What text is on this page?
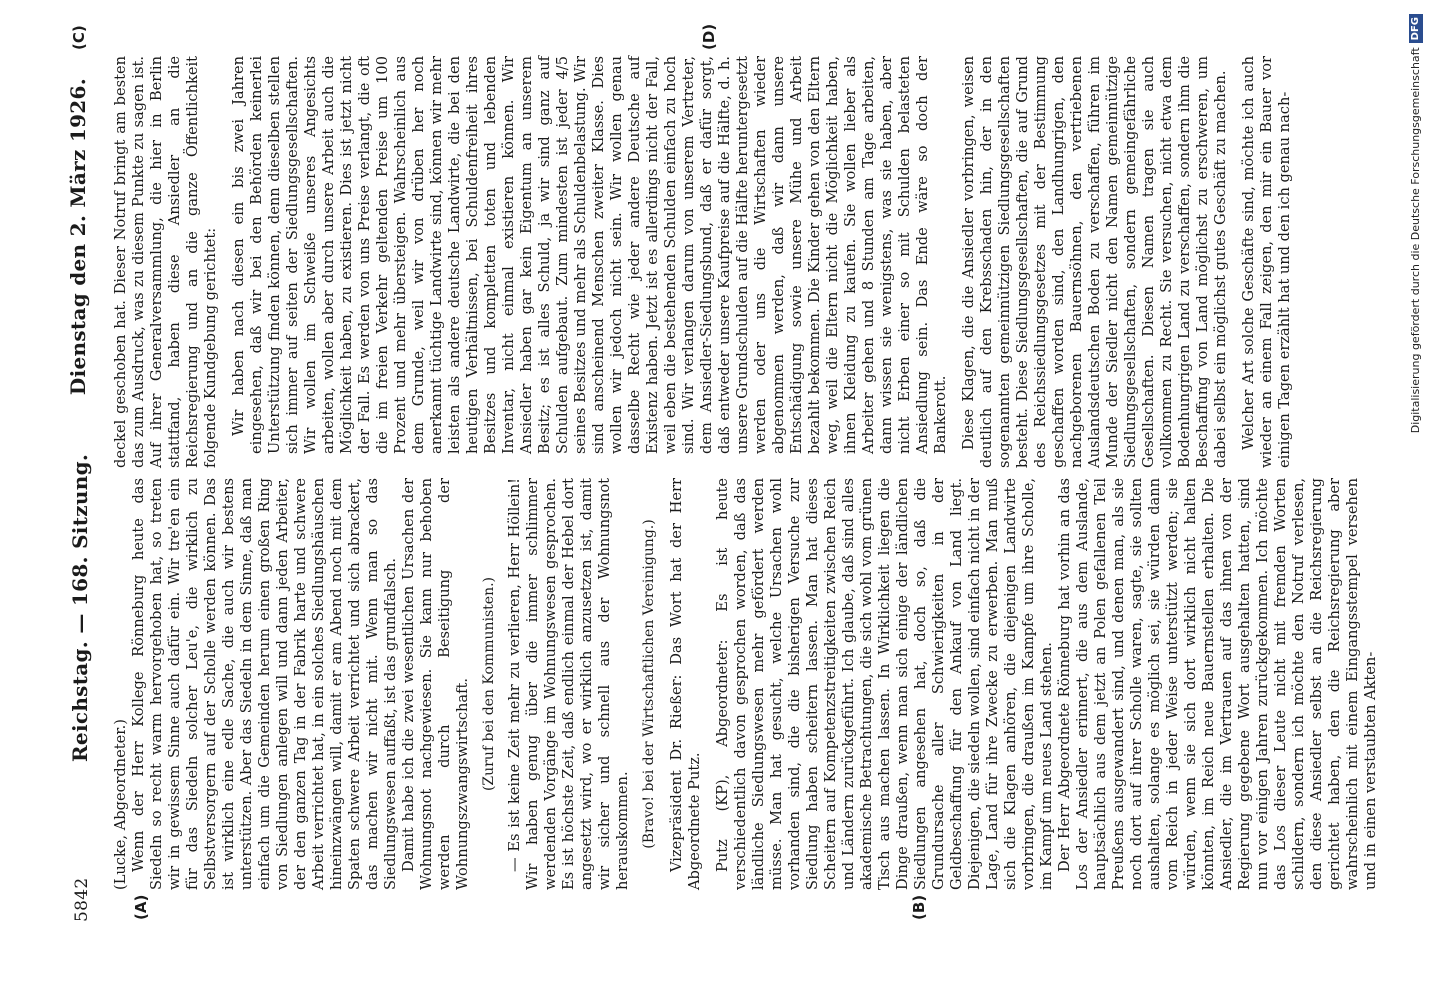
5842
Reichstag. — 168. Sitzung.
Dienstag den 2. März 1926.
(A)	(B)
(C)	(D)

(Lucke, Abgeordneter.) Wenn der Herr Kollege Rönneburg heute das Siedeln so recht warm hervorgehoben hat, so treten wir in gewissem Sinne auch dafür ein. Wir tre'en ein für das Siedeln solcher Leu'e, die wirklich zu Selbstversorgern auf der Scholle werden können. Das ist wirklich eine edle Sache, die auch wir bestens unterstützen. Aber das Siedeln in dem Sinne, daß man einfach um die Gemeinden herum einen großen Ring von Siedlungen anlegen will und dann jeden Arbeiter, der den ganzen Tag in der Fabrik harte und schwere Arbeit verrichtet hat, in ein solches Siedlungshäuschen hineinzwängen will, damit er am Abend noch mit dem Spaten schwere Arbeit verrichtet und sich abrackert, das machen wir nicht mit. Wenn man so das Siedlungswesen auffaßt, ist das grundfalsch. Damit habe ich die zwei wesentlichen Ursachen der Wohnungsnot nachgewiesen. Sie kann nur behoben werden durch Beseitigung der Wohnungszwangswirtschaft. (Zuruf bei den Kommunisten.) — Es ist keine Zeit mehr zu verlieren, Herr Höllein! Wir haben genug über die immer schlimmer werdenden Vorgänge im Wohnungswesen gesprochen. Es ist höchste Zeit, daß endlich einmal der Hebel dort angesetzt wird, wo er wirklich anzusetzen ist, damit wir sicher und schnell aus der Wohnungsnot herauskommen. (Bravo! bei der Wirtschaftlichen Vereinigung.) Vizepräsident Dr. Rießer: Das Wort hat der Herr Abgeordnete Putz. Putz (KP), Abgeordneter: Es ist heute verschiedentlich davon gesprochen worden, daß das ländliche Siedlungswesen mehr gefördert werden müsse. Man hat gesucht, welche Ursachen wohl vorhanden sind, die die bisherigen Versuche zur Siedlung haben scheitern lassen. Man hat dieses Scheitern auf Kompetenzstreitigkeiten zwischen Reich und Ländern zurückgeführt. Ich glaube, daß sind alles akademische Betrachtungen, die sich wohl vom grünen Tisch aus machen lassen. In Wirklichkeit liegen die Dinge draußen, wenn man sich einige der ländlichen Siedlungen angesehen hat, doch so, daß die Grundursache aller Schwierigkeiten in der Geldbeschaffung für den Ankauf von Land liegt. Diejenigen, die siedeln wollen, sind einfach nicht in der Lage, Land für ihre Zwecke zu erwerben. Man muß sich die Klagen anhören, die diejenigen Landwirte vorbringen, die draußen im Kampfe um ihre Scholle, im Kampf um neues Land stehen. Der Herr Abgeordnete Rönneburg hat vorhin an das Los der Ansiedler erinnert, die aus dem Auslande, hauptsächlich aus dem jetzt an Polen gefallenen Teil Preußens ausgewandert sind, und denen man, als sie noch dort auf ihrer Scholle waren, sagte, sie sollten aushalten, solange es möglich sei, sie würden dann vom Reich in jeder Weise unterstützt werden; sie würden, wenn sie sich dort wirklich nicht halten könnten, im Reich neue Bauernstellen erhalten. Die Ansiedler, die im Vertrauen auf das ihnen von der Regierung gegebene Wort ausgehalten hatten, sind nun vor einigen Jahren zurückgekommen. Ich möchte das Los dieser Leute nicht mit fremden Worten schildern, sondern ich möchte den Notruf verlesen, den diese Ansiedler selbst an die Reichsregierung gerichtet haben, den die Reichsregierung aber wahrscheinlich mit einem Eingangsstempel versehen und in einen verstaubten Akten-

deckel geschoben hat. Dieser Notruf bringt am besten das zum Ausdruck, was zu diesem Punkte zu sagen ist. Auf ihrer Generalversammlung, die hier in Berlin stattfand, haben diese Ansiedler an die Reichsregierung und an die ganze Öffentlichkeit folgende Kundgebung gerichtet: Wir haben nach diesen ein bis zwei Jahren eingesehen, daß wir bei den Behörden keinerlei Unterstützung finden können, denn dieselben stellen sich immer auf seiten der Siedlungsgesellschaften. Wir wollen im Schweiße unseres Angesichts arbeiten, wollen aber durch unsere Arbeit auch die Möglichkeit haben, zu existieren. Dies ist jetzt nicht der Fall. Es werden von uns Preise verlangt, die oft die im freien Verkehr geltenden Preise um 100 Prozent und mehr übersteigen. Wahrscheinlich aus dem Grunde, weil wir von drüben her noch anerkannt tüchtige Landwirte sind, können wir mehr leisten als andere deutsche Landwirte, die bei den heutigen Verhältnissen, bei Schuldenfreiheit ihres Besitzes und kompletten toten und lebenden Inventar, nicht einmal existieren können. Wir Ansiedler haben gar kein Eigentum an unserem Besitz; es ist alles Schuld, ja wir sind ganz auf Schulden aufgebaut. Zum mindesten ist jeder 4/5 seines Besitzes und mehr als Schuldenbelastung. Wir sind anscheinend Menschen zweiter Klasse. Dies wollen wir jedoch nicht sein. Wir wollen genau dasselbe Recht wie jeder andere Deutsche auf Existenz haben. Jetzt ist es allerdings nicht der Fall, weil eben die bestehenden Schulden einfach zu hoch sind. Wir verlangen darum von unserem Vertreter, dem Ansiedler-Siedlungsbund, daß er dafür sorgt, daß entweder unsere Kaufpreise auf die Hälfte, d. h. unsere Grundschulden auf die Hälfte heruntergesetzt werden oder uns die Wirtschaften wieder abgenommen werden, daß wir dann unsere Entschädigung sowie unsere Mühe und Arbeit bezahlt bekommen. Die Kinder gehen von den Eltern weg, weil die Eltern nicht die Möglichkeit haben, ihnen Kleidung zu kaufen. Sie wollen lieber als Arbeiter gehen und 8 Stunden am Tage arbeiten, dann wissen sie wenigstens, was sie haben, aber nicht Erben einer so mit Schulden belasteten Ansiedlung sein. Das Ende wäre so doch der Bankerott. Diese Klagen, die die Ansiedler vorbringen, weisen deutlich auf den Krebsschaden hin, der in den sogenannten gemeinnützigen Siedlungsgesellschaften besteht. Diese Siedlungsgesellschaften, die auf Grund des Reichssiedlungsgesetzes mit der Bestimmung geschaffen worden sind, den Landhungrigen, den nachgeborenen Bauernsöhnen, den vertriebenen Auslandsdeutschen Boden zu verschaffen, führen im Munde der Siedler nicht den Namen gemeinnützige Siedlungsgesellschaften, sondern gemeingefährliche Gesellschaften. Diesen Namen tragen sie auch vollkommen zu Recht. Sie versuchen, nicht etwa dem Bodenhungrigen Land zu verschaffen, sondern ihm die Beschaffung von Land möglichst zu erschweren, um dabei selbst ein möglichst gutes Geschäft zu machen. Welcher Art solche Geschäfte sind, möchte ich auch wieder an einem Fall zeigen, den mir ein Bauer vor einigen Tagen erzählt hat und den ich genau nach-	Digitalisierung gefördert durch die Deutsche ForschungsgemeinschaftDFG
